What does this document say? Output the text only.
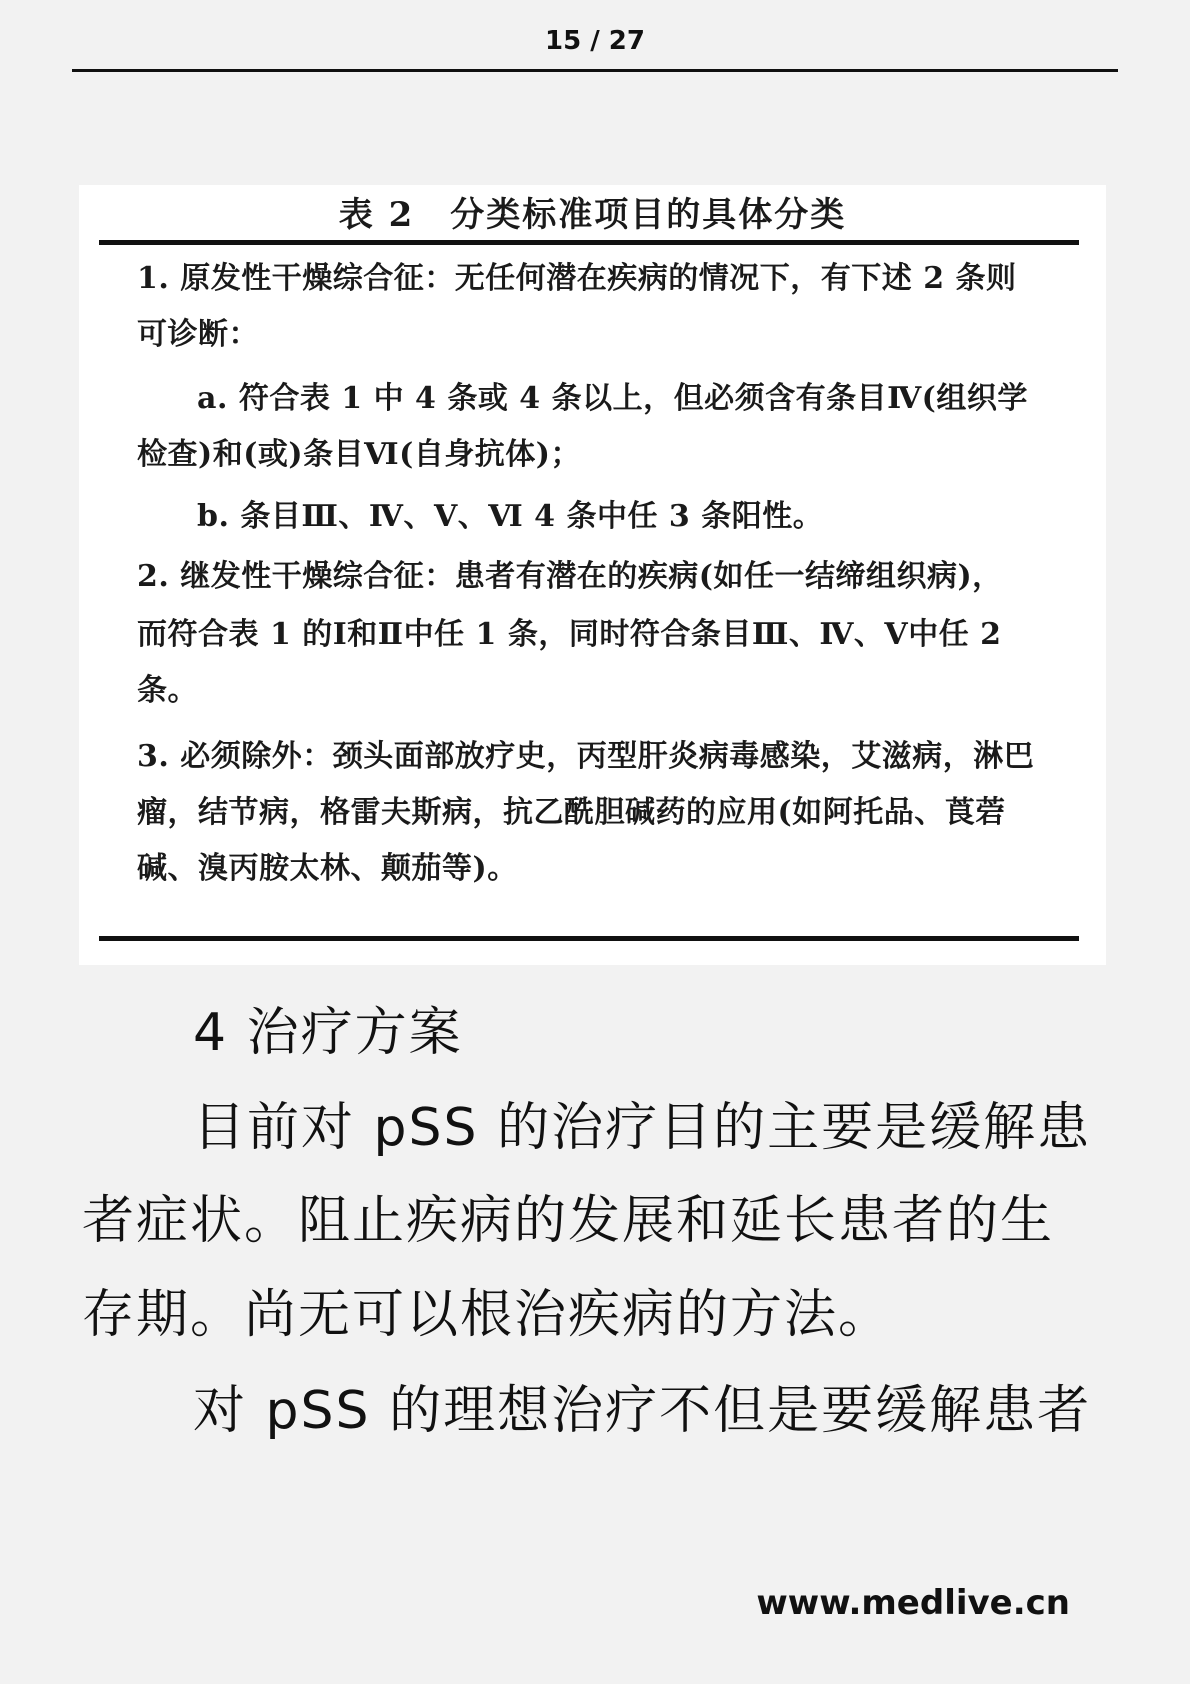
15 / 27
表 2　分类标准项目的具体分类
1. 原发性干燥综合征：无任何潜在疾病的情况下，有下述 2 条则
可诊断：
a. 符合表 1 中 4 条或 4 条以上，但必须含有条目Ⅳ(组织学
检查)和(或)条目Ⅵ(自身抗体)；
b. 条目Ⅲ、Ⅳ、Ⅴ、Ⅵ 4 条中任 3 条阳性。
2. 继发性干燥综合征：患者有潜在的疾病(如任一结缔组织病)，
而符合表 1 的Ⅰ和Ⅱ中任 1 条，同时符合条目Ⅲ、Ⅳ、Ⅴ中任 2
条。
3. 必须除外：颈头面部放疗史，丙型肝炎病毒感染，艾滋病，淋巴
瘤，结节病，格雷夫斯病，抗乙酰胆碱药的应用(如阿托品、莨菪
碱、溴丙胺太林、颠茄等)。
4 治疗方案
目前对 pSS 的治疗目的主要是缓解患
者症状。阻止疾病的发展和延长患者的生
存期。尚无可以根治疾病的方法。
对 pSS 的理想治疗不但是要缓解患者
www.medlive.cn
